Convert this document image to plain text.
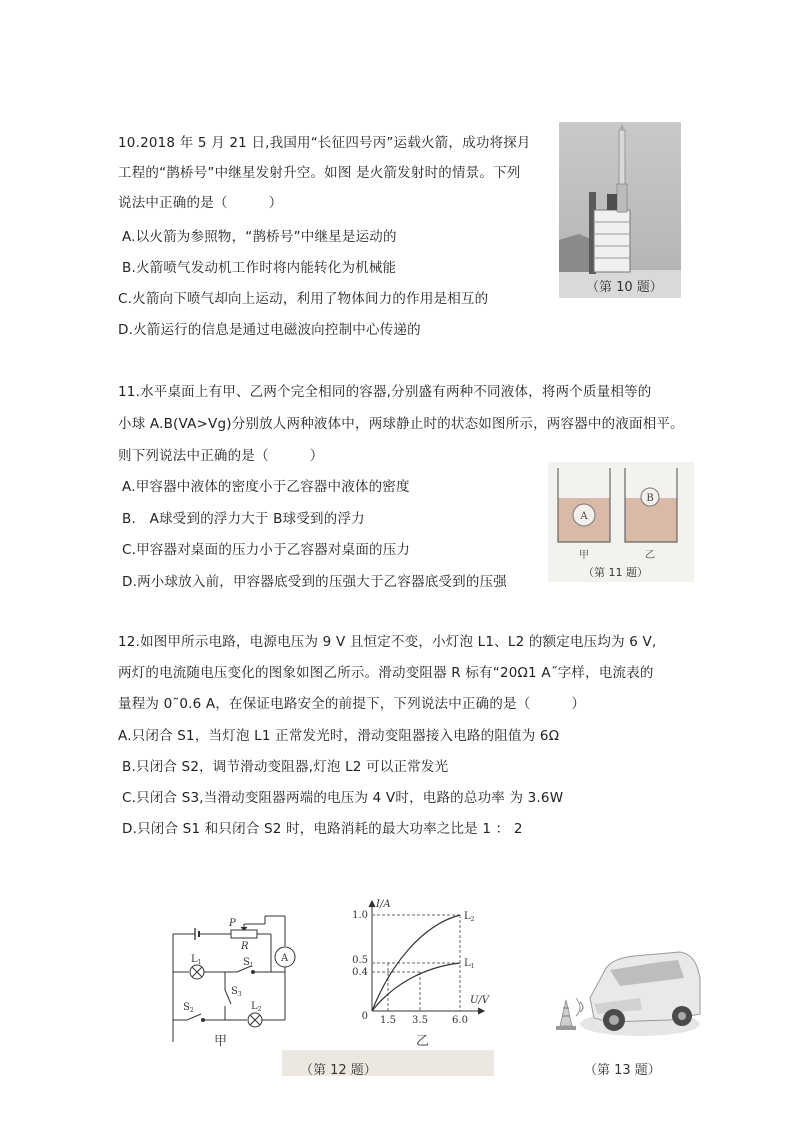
10.2018 年 5 月 21 日,我国用“长征四号丙”运载火箭，成功将探月
工程的“鹊桥号”中继星发射升空。如图 是火箭发射时的情景。下列
说法中正确的是（　　　）
A.以火箭为参照物，“鹊桥号”中继星是运动的
B.火箭喷气发动机工作时将内能转化为机械能
C.火箭向下喷气却向上运动，利用了物体间力的作用是相互的
D.火箭运行的信息是通过电磁波向控制中心传递的
（第 10 题）
11.水平桌面上有甲、乙两个完全相同的容器,分别盛有两种不同液体，将两个质量相等的
小球 A.B(VA>Vg)分别放人两种液体中，两球静止时的状态如图所示，两容器中的液面相平。
则下列说法中正确的是（　　　）
A.甲容器中液体的密度小于乙容器中液体的密度
B.　A球受到的浮力大于 B球受到的浮力
C.甲容器对桌面的压力小于乙容器对桌面的压力
D.两小球放入前，甲容器底受到的压强大于乙容器底受到的压强
A
B
甲	乙
（第 11 题）
12.如图甲所示电路，电源电压为 9 V 且恒定不变，小灯泡 L1、L2 的额定电压均为 6 V,
两灯的电流随电压变化的图象如图乙所示。滑动变阻器 R 标有“20Ω1 A˝字样，电流表的
量程为 0˜0.6 A，在保证电路安全的前提下，下列说法中正确的是（　　　）
A.只闭合 S1，当灯泡 L1 正常发光时，滑动变阻器接入电路的阻值为 6Ω
B.只闭合 S2，调节滑动变阻器,灯泡 L2 可以正常发光
C.只闭合 S3,当滑动变阻器两端的电压为 4 V时，电路的总功率 为 3.6W
D.只闭合 S1 和只闭合 S2 时，电路消耗的最大功率之比是 1 ： 2
P
R
A
$L_1$	$S_1$
$S_3$
$S_2$	$L_2$
甲
I/A
U/V
1.0
0.5
0.4
0 1.5 3.5 6.0
$L_2$
$L_1$
乙
（第 12 题）	（第 13 题）
